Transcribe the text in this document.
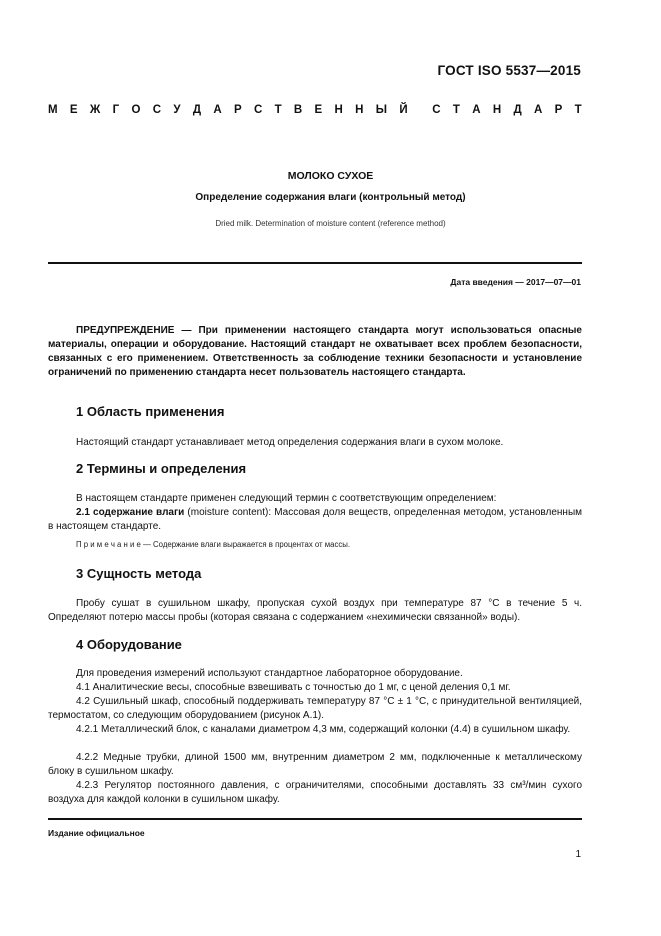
ГОСТ ISO 5537—2015
М Е Ж Г О С У Д А Р С Т В Е Н Н Ы Й С Т А Н Д А Р Т
МОЛОКО СУХОЕ
Определение содержания влаги (контрольный метод)
Dried milk. Determination of moisture content (reference method)
Дата введения — 2017—07—01
ПРЕДУПРЕЖДЕНИЕ — При применении настоящего стандарта могут использоваться опасные материалы, операции и оборудование. Настоящий стандарт не охватывает всех проблем безопасности, связанных с его применением. Ответственность за соблюдение техники безопасности и установление ограничений по применению стандарта несет пользователь настоящего стандарта.
1 Область применения
Настоящий стандарт устанавливает метод определения содержания влаги в сухом молоке.
2 Термины и определения
В настоящем стандарте применен следующий термин с соответствующим определением:
2.1 содержание влаги (moisture content): Массовая доля веществ, определенная методом, установленным в настоящем стандарте.
П р и м е ч а н и е — Содержание влаги выражается в процентах от массы.
3 Сущность метода
Пробу сушат в сушильном шкафу, пропуская сухой воздух при температуре 87 °С в течение 5 ч. Определяют потерю массы пробы (которая связана с содержанием «нехимически связанной» воды).
4 Оборудование
Для проведения измерений используют стандартное лабораторное оборудование.
4.1 Аналитические весы, способные взвешивать с точностью до 1 мг, с ценой деления 0,1 мг.
4.2 Сушильный шкаф, способный поддерживать температуру 87 °С ± 1 °С, с принудительной вентиляцией, термостатом, со следующим оборудованием (рисунок А.1).
4.2.1 Металлический блок, с каналами диаметром 4,3 мм, содержащий колонки (4.4) в сушильном шкафу.
4.2.2 Медные трубки, длиной 1500 мм, внутренним диаметром 2 мм, подключенные к металлическому блоку в сушильном шкафу.
4.2.3 Регулятор постоянного давления, с ограничителями, способными доставлять 33 см³/мин сухого воздуха для каждой колонки в сушильном шкафу.
Издание официальное
1
